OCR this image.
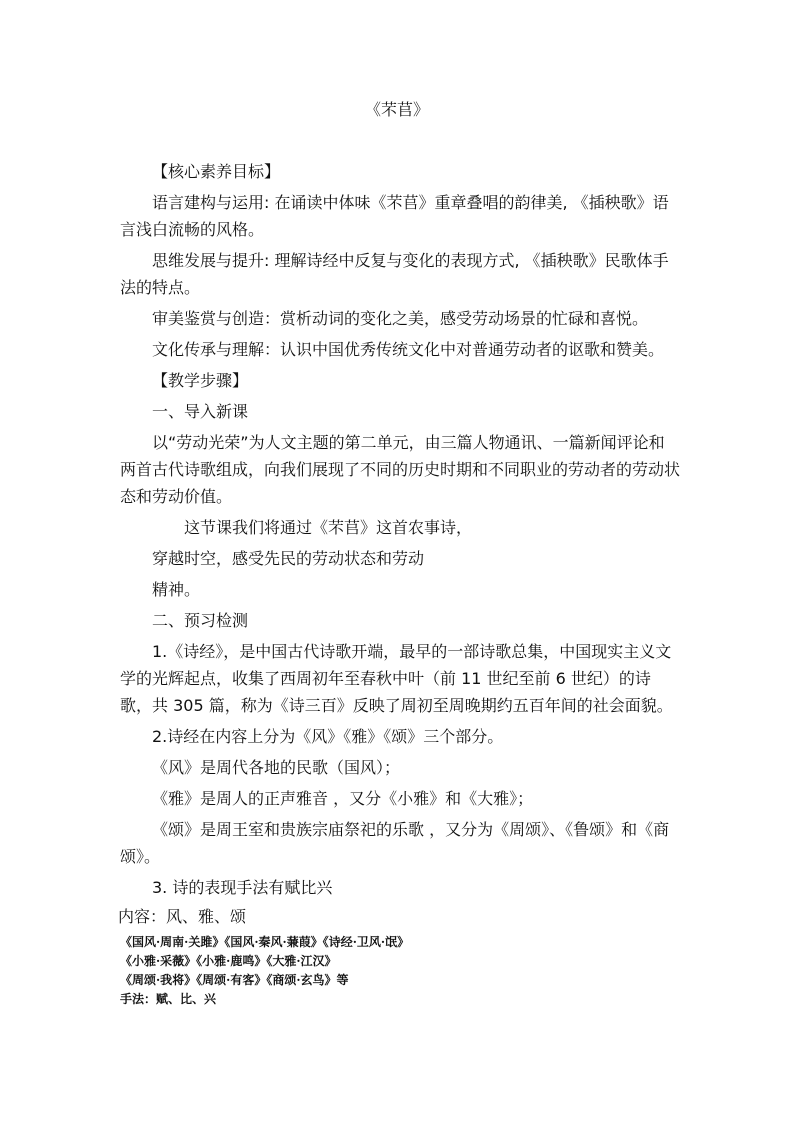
《芣苢》

【核心素养目标】

语言建构与运用: 在诵读中体味《芣苢》重章叠唱的韵律美, 《插秧歌》语言浅白流畅的风格。

思维发展与提升: 理解诗经中反复与变化的表现方式, 《插秧歌》民歌体手法的特点。

审美鉴赏与创造：赏析动词的变化之美，感受劳动场景的忙碌和喜悦。

文化传承与理解：认识中国优秀传统文化中对普通劳动者的讴歌和赞美。

【教学步骤】

一、导入新课

以“劳动光荣”为人文主题的第二单元，由三篇人物通讯、一篇新闻评论和两首古代诗歌组成，向我们展现了不同的历史时期和不同职业的劳动者的劳动状态和劳动价值。

这节课我们将通过《芣苢》这首农事诗，

穿越时空，感受先民的劳动状态和劳动

精神。

二、预习检测

1.《诗经》，是中国古代诗歌开端，最早的一部诗歌总集，中国现实主义文学的光辉起点，收集了西周初年至春秋中叶（前 11 世纪至前 6 世纪）的诗歌，共 305 篇，称为《诗三百》反映了周初至周晚期约五百年间的社会面貌。

2.诗经在内容上分为《风》《雅》《颂》三个部分。

《风》是周代各地的民歌（国风）；

《雅》是周人的正声雅音 ，又分《小雅》和《大雅》；

《颂》是周王室和贵族宗庙祭祀的乐歌 ，又分为《周颂》、《鲁颂》和《商颂》。

3. 诗的表现手法有赋比兴

内容：风、雅、颂

《国风·周南·关雎》《国风·秦风·蒹葭》《诗经·卫风·氓》
《小雅·采薇》《小雅·鹿鸣》《大雅·江汉》
《周颂·我将》《周颂·有客》《商颂·玄鸟》等
手法：赋、比、兴
